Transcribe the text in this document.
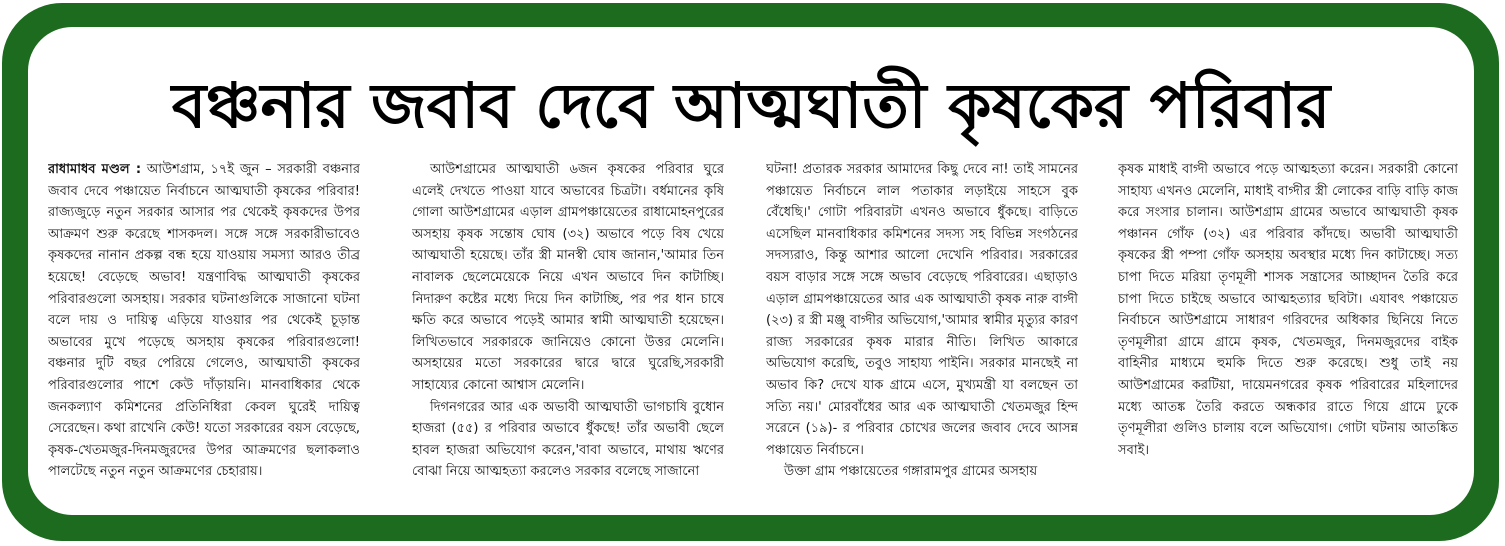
বঞ্চনার জবাব দেবে আত্মঘাতী কৃষকের পরিবার

রাধামাধব মণ্ডল : আউশগ্রাম, ১৭ই জুন – সরকারী বঞ্চনার জবাব দেবে পঞ্চায়েত নির্বাচনে আত্মঘাতী কৃষকের পরিবার! রাজ্যজুড়ে নতুন সরকার আসার পর থেকেই কৃষকদের উপর আক্রমণ শুরু করেছে শাসকদল। সঙ্গে সঙ্গে সরকারীভাবেও কৃষকদের নানান প্রকল্প বন্ধ হয়ে যাওয়ায় সমস্যা আরও তীব্র হয়েছে! বেড়েছে অভাব! যন্ত্রণাবিদ্ধ আত্মঘাতী কৃষকের পরিবারগুলো অসহায়। সরকার ঘটনাগুলিকে সাজানো ঘটনা বলে দায় ও দায়িত্ব এড়িয়ে যাওয়ার পর থেকেই চূড়ান্ত অভাবের মুখে পড়েছে অসহায় কৃষকের পরিবারগুলো! বঞ্চনার দুটি বছর পেরিয়ে গেলেও, আত্মঘাতী কৃষকের পরিবারগুলোর পাশে কেউ দাঁড়ায়নি। মানবাধিকার থেকে জনকল্যাণ কমিশনের প্রতিনিধিরা কেবল ঘুরেই দায়িত্ব সেরেছেন। কথা রাখেনি কেউ! যতো সরকারের বয়স বেড়েছে, কৃষক-খেতমজুর-দিনমজুরদের উপর আক্রমণের ছলাকলাও পালটেছে নতুন নতুন আক্রমণের চেহারায়।

আউশগ্রামের আত্মঘাতী ৬জন কৃষকের পরিবার ঘুরে এলেই দেখতে পাওয়া যাবে অভাবের চিত্রটা। বর্ধমানের কৃষি গোলা আউশগ্রামের এড়াল গ্রামপঞ্চায়েতের রাধামোহনপুরের অসহায় কৃষক সন্তোষ ঘোষ (৩২) অভাবে পড়ে বিষ খেয়ে আত্মঘাতী হয়েছে। তাঁর স্ত্রী মানস্বী ঘোষ জানান,'আমার তিন নাবালক ছেলেমেয়েকে নিয়ে এখন অভাবে দিন কাটাচ্ছি। নিদারুণ কষ্টের মধ্যে দিয়ে দিন কাটাচ্ছি, পর পর ধান চাষে ক্ষতি করে অভাবে পড়েই আমার স্বামী আত্মঘাতী হয়েছেন। লিখিতভাবে সরকারকে জানিয়েও কোনো উত্তর মেলেনি। অসহায়ের মতো সরকারের দ্বারে দ্বারে ঘুরেছি,সরকারী সাহায্যের কোনো আশ্বাস মেলেনি।

দিগনগরের আর এক অভাবী আত্মঘাতী ভাগচাষি বুধোন হাজরা (৫৫) র পরিবার অভাবে ধুঁকছে! তাঁর অভাবী ছেলে হাবল হাজরা অভিযোগ করেন,'বাবা অভাবে, মাথায় ঋণের বোঝা নিয়ে আত্মহত্যা করলেও সরকার বলেছে সাজানো

ঘটনা! প্রতারক সরকার আমাদের কিছু দেবে না! তাই সামনের পঞ্চায়েত নির্বাচনে লাল পতাকার লড়াইয়ে সাহসে বুক বেঁধেছি।' গোটা পরিবারটা এখনও অভাবে ধুঁকছে। বাড়িতে এসেছিল মানবাধিকার কমিশনের সদস্য সহ বিভিন্ন সংগঠনের সদস্যরাও, কিন্তু আশার আলো দেখেনি পরিবার। সরকারের বয়স বাড়ার সঙ্গে সঙ্গে অভাব বেড়েছে পরিবারের। এছাড়াও এড়াল গ্রামপঞ্চায়েতের আর এক আত্মঘাতী কৃষক নারু বাগ্দী (২৩) র স্ত্রী মঞ্জু বাগ্দীর অভিযোগ,'আমার স্বামীর মৃত্যুর কারণ রাজ্য সরকারের কৃষক মারার নীতি। লিখিত আকারে অভিযোগ করেছি, তবুও সাহায্য পাইনি। সরকার মানছেই না অভাব কি? দেখে যাক গ্রামে এসে, মুখ্যমন্ত্রী যা বলছেন তা সত্যি নয়।' মোরবাঁধের আর এক আত্মঘাতী খেতমজুর হিন্দ সরেনে (১৯)- র পরিবার চোখের জলের জবাব দেবে আসন্ন পঞ্চায়েত নির্বাচনে।

উক্তা গ্রাম পঞ্চায়েতের গঙ্গারামপুর গ্রামের অসহায়

কৃষক মাধাই বাগ্দী অভাবে পড়ে আত্মহত্যা করেন। সরকারী কোনো সাহায্য এখনও মেলেনি, মাধাই বাগ্দীর স্ত্রী লোকের বাড়ি বাড়ি কাজ করে সংসার চালান। আউশগ্রাম গ্রামের অভাবে আত্মঘাতী কৃষক পঞ্চানন গোঁফ (৩২) এর পরিবার কাঁদছে। অভাবী আত্মঘাতী কৃষকের স্ত্রী পম্পা গোঁফ অসহায় অবস্থার মধ্যে দিন কাটাচ্ছে। সত্য চাপা দিতে মরিয়া তৃণমূলী শাসক সন্ত্রাসের আচ্ছাদন তৈরি করে চাপা দিতে চাইছে অভাবে আত্মহত্যার ছবিটা। এযাবৎ পঞ্চায়েত নির্বাচনে আউশগ্রামে সাধারণ গরিবদের অধিকার ছিনিয়ে নিতে তৃণমূলীরা গ্রামে গ্রামে কৃষক, খেতমজুর, দিনমজুরদের বাইক বাহিনীর মাধ্যমে হুমকি দিতে শুরু করেছে। শুধু তাই নয় আউশগ্রামের করটিয়া, দায়েমনগরের কৃষক পরিবারের মহিলাদের মধ্যে আতঙ্ক তৈরি করতে অন্ধকার রাতে গিয়ে গ্রামে ঢুকে তৃণমূলীরা গুলিও চালায় বলে অভিযোগ। গোটা ঘটনায় আতঙ্কিত সবাই।
